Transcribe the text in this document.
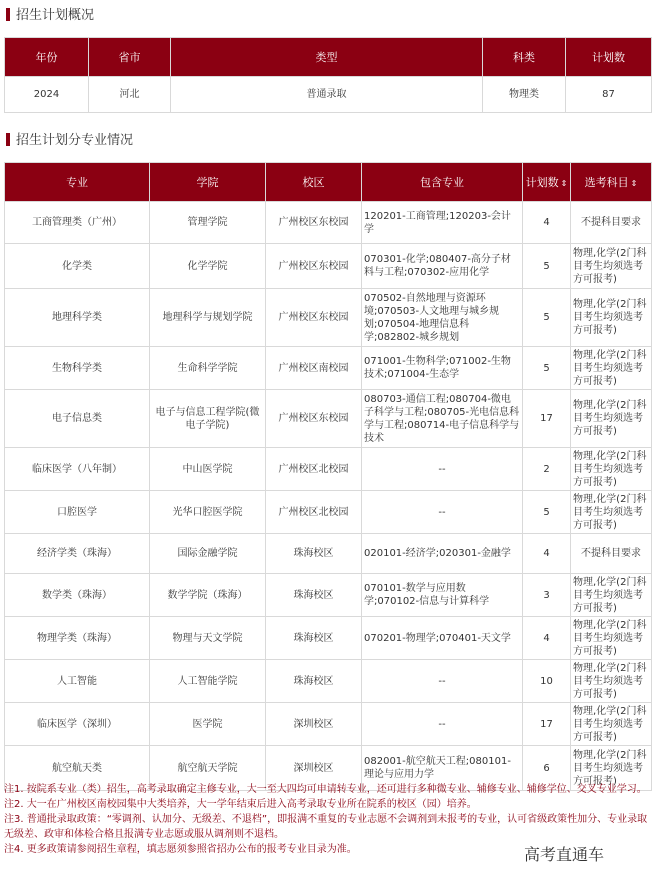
招生计划概况
年份	省市	类型	科类	计划数
2024	河北	普通录取	物理类	87
招生计划分专业情况
专业	学院	校区	包含专业	计划数 ⇕	选考科目 ⇕
工商管理类（广州）	管理学院	广州校区东校园	120201-工商管理;120203-会计学	4	不提科目要求
化学类	化学学院	广州校区东校园	070301-化学;080407-高分子材料与工程;070302-应用化学	5	物理,化学(2门科目考生均须选考方可报考)
地理科学类	地理科学与规划学院	广州校区东校园	070502-自然地理与资源环境;070503-人文地理与城乡规划;070504-地理信息科学;082802-城乡规划	5	物理,化学(2门科目考生均须选考方可报考)
生物科学类	生命科学学院	广州校区南校园	071001-生物科学;071002-生物技术;071004-生态学	5	物理,化学(2门科目考生均须选考方可报考)
电子信息类	电子与信息工程学院(微电子学院)	广州校区东校园	080703-通信工程;080704-微电子科学与工程;080705-光电信息科学与工程;080714-电子信息科学与技术	17	物理,化学(2门科目考生均须选考方可报考)
临床医学（八年制）	中山医学院	广州校区北校园	--	2	物理,化学(2门科目考生均须选考方可报考)
口腔医学	光华口腔医学院	广州校区北校园	--	5	物理,化学(2门科目考生均须选考方可报考)
经济学类（珠海）	国际金融学院	珠海校区	020101-经济学;020301-金融学	4	不提科目要求
数学类（珠海）	数学学院（珠海）	珠海校区	070101-数学与应用数学;070102-信息与计算科学	3	物理,化学(2门科目考生均须选考方可报考)
物理学类（珠海）	物理与天文学院	珠海校区	070201-物理学;070401-天文学	4	物理,化学(2门科目考生均须选考方可报考)
人工智能	人工智能学院	珠海校区	--	10	物理,化学(2门科目考生均须选考方可报考)
临床医学（深圳）	医学院	深圳校区	--	17	物理,化学(2门科目考生均须选考方可报考)
航空航天类	航空航天学院	深圳校区	082001-航空航天工程;080101-理论与应用力学	6	物理,化学(2门科目考生均须选考方可报考)

注1. 按院系专业（类）招生，高考录取确定主修专业，大一至大四均可申请转专业，还可进行多种微专业、辅修专业、辅修学位、交叉专业学习。

注2. 大一在广州校区南校园集中大类培养，大一学年结束后进入高考录取专业所在院系的校区（园）培养。

注3. 普通批录取政策：“零调剂、认加分、无级差、不退档”，即报满不重复的专业志愿不会调剂到未报考的专业，认可省级政策性加分、专业录取无级差、政审和体检合格且报满专业志愿或服从调剂则不退档。

注4. 更多政策请参阅招生章程，填志愿须参照省招办公布的报考专业目录为准。	高考直通车
